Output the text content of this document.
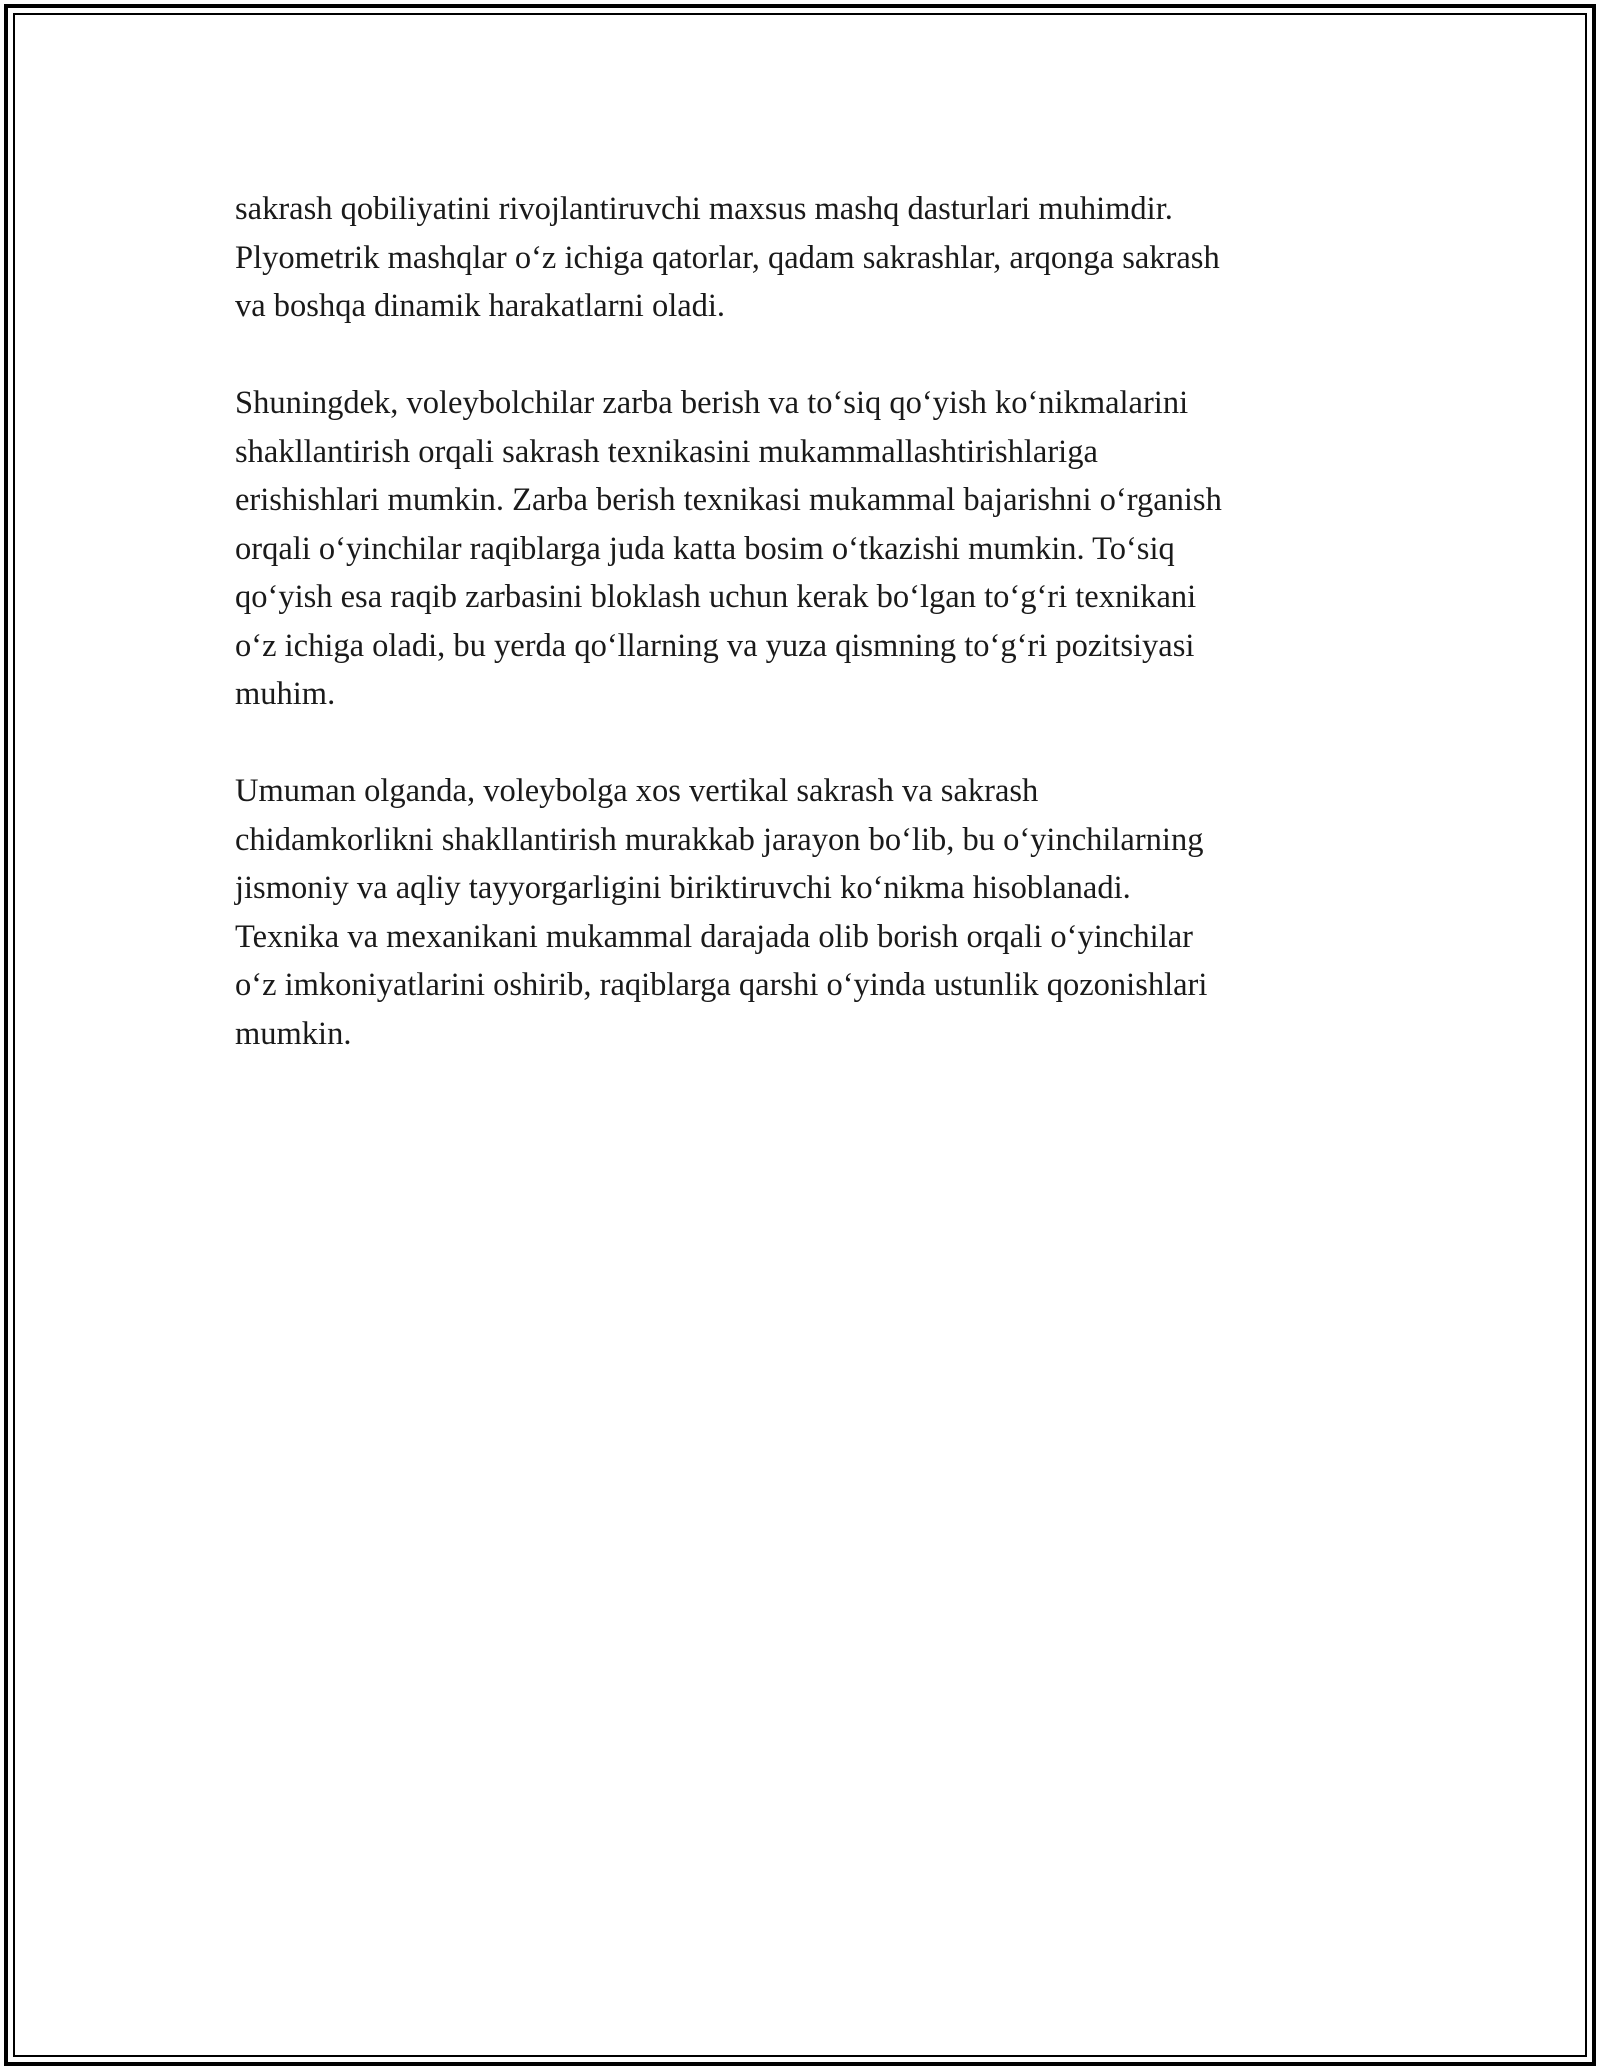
sakrash qobiliyatini rivojlantiruvchi maxsus mashq dasturlari muhimdir.
Plyometrik mashqlar o‘z ichiga qatorlar, qadam sakrashlar, arqonga sakrash
va boshqa dinamik harakatlarni oladi.

Shuningdek, voleybolchilar zarba berish va to‘siq qo‘yish ko‘nikmalarini
shakllantirish orqali sakrash texnikasini mukammallashtirishlariga
erishishlari mumkin. Zarba berish texnikasi mukammal bajarishni o‘rganish
orqali o‘yinchilar raqiblarga juda katta bosim o‘tkazishi mumkin. To‘siq
qo‘yish esa raqib zarbasini bloklash uchun kerak bo‘lgan to‘g‘ri texnikani
o‘z ichiga oladi, bu yerda qo‘llarning va yuza qismning to‘g‘ri pozitsiyasi
muhim.

Umuman olganda, voleybolga xos vertikal sakrash va sakrash
chidamkorlikni shakllantirish murakkab jarayon bo‘lib, bu o‘yinchilarning
jismoniy va aqliy tayyorgarligini biriktiruvchi ko‘nikma hisoblanadi.
Texnika va mexanikani mukammal darajada olib borish orqali o‘yinchilar
o‘z imkoniyatlarini oshirib, raqiblarga qarshi o‘yinda ustunlik qozonishlari
mumkin.
